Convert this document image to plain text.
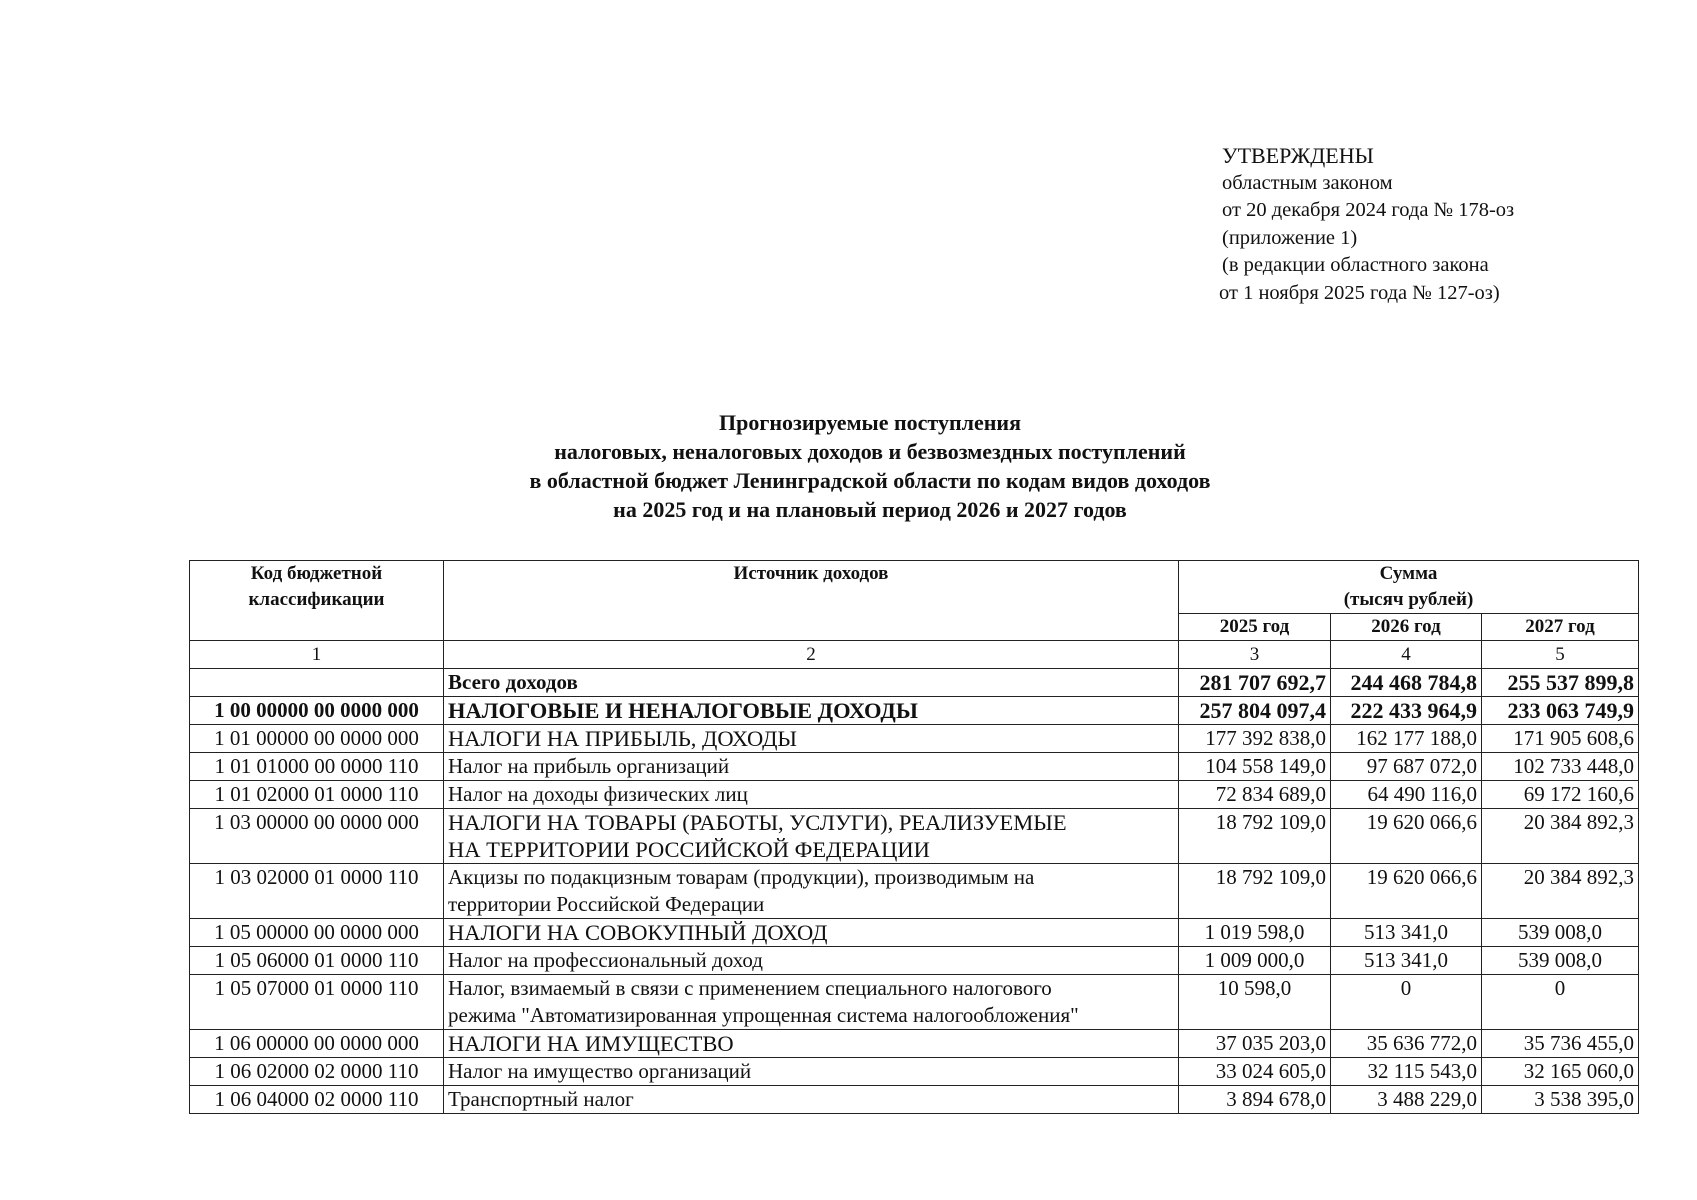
УТВЕРЖДЕНЫ
областным законом
от 20 декабря 2024 года № 178-оз
(приложение 1)
(в редакции областного закона
от 1 ноября 2025 года № 127-оз)
Прогнозируемые поступления
налоговых, неналоговых доходов и безвозмездных поступлений
в областной бюджет Ленинградской области по кодам видов доходов
на 2025 год и на плановый период 2026 и 2027 годов
Код бюджетной классификации	Источник доходов	Сумма
(тысяч рублей)		

		2025 год	2026 год	2027 год
1	2	3	4	5
	Всего доходов	281 707 692,7	244 468 784,8	255 537 899,8
1 00 00000 00 0000 000	НАЛОГОВЫЕ И НЕНАЛОГОВЫЕ ДОХОДЫ	257 804 097,4	222 433 964,9	233 063 749,9
1 01 00000 00 0000 000	НАЛОГИ НА ПРИБЫЛЬ, ДОХОДЫ	177 392 838,0	162 177 188,0	171 905 608,6
1 01 01000 00 0000 110	Налог на прибыль организаций	104 558 149,0	97 687 072,0	102 733 448,0
1 01 02000 01 0000 110	Налог на доходы физических лиц	72 834 689,0	64 490 116,0	69 172 160,6
1 03 00000 00 0000 000	НАЛОГИ НА ТОВАРЫ (РАБОТЫ, УСЛУГИ), РЕАЛИЗУЕМЫЕ
НА ТЕРРИТОРИИ РОССИЙСКОЙ ФЕДЕРАЦИИ	18 792 109,0	19 620 066,6	20 384 892,3
1 03 02000 01 0000 110	Акцизы по подакцизным товарам (продукции), производимым на
территории Российской Федерации	18 792 109,0	19 620 066,6	20 384 892,3
1 05 00000 00 0000 000	НАЛОГИ НА СОВОКУПНЫЙ ДОХОД	1 019 598,0	513 341,0	539 008,0
1 05 06000 01 0000 110	Налог на профессиональный доход	1 009 000,0	513 341,0	539 008,0
1 05 07000 01 0000 110	Налог, взимаемый в связи с применением специального налогового
режима "Автоматизированная упрощенная система налогообложения"	10 598,0	0	0
1 06 00000 00 0000 000	НАЛОГИ НА ИМУЩЕСТВО	37 035 203,0	35 636 772,0	35 736 455,0
1 06 02000 02 0000 110	Налог на имущество организаций	33 024 605,0	32 115 543,0	32 165 060,0
1 06 04000 02 0000 110	Транспортный налог	3 894 678,0	3 488 229,0	3 538 395,0
